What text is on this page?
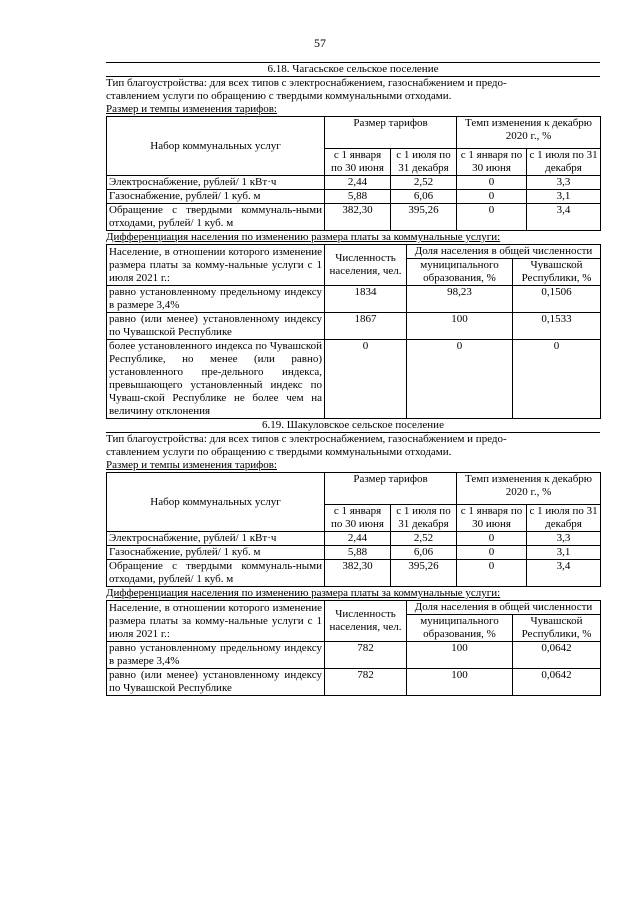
57
6.18. Чагасьское сельское поселение
Тип благоустройства: для всех типов с электроснабжением, газоснабжением и предо-
ставлением услуги по обращению с твердыми коммунальными отходами.
Размер и темпы изменения тарифов:
Набор коммунальных услуг	Размер тарифов		Темп изменения к декабрю 2020 г., %	
	с 1 января по 30 июня	с 1 июля по 31 декабря	с 1 января по 30 июня	с 1 июля по 31 декабря
Электроснабжение, рублей/ 1 кВт·ч	2,44	2,52	0	3,3
Газоснабжение, рублей/ 1 куб. м	5,88	6,06	0	3,1
Обращение с твердыми коммуналь-ными отходами, рублей/ 1 куб. м	382,30	395,26	0	3,4
Дифференциация населения по изменению размера платы за коммунальные услуги:
Население, в отношении которого изменение размера платы за комму-нальные услуги с 1 июля 2021 г.:	Численность населения, чел.	Доля населения в общей численности	
		муниципального образования, %	Чувашской Республики, %
равно установленному предельному индексу в размере 3,4%	1834	98,23	0,1506
равно (или менее) установленному индексу по Чувашской Республике	1867	100	0,1533
более установленного индекса по Чувашской Республике, но менее (или равно) установленного пре-дельного индекса, превышающего установленный индекс по Чуваш-ской Республике не более чем на величину отклонения	0	0	0
6.19. Шакуловское сельское поселение
Тип благоустройства: для всех типов с электроснабжением, газоснабжением и предо-
ставлением услуги по обращению с твердыми коммунальными отходами.
Размер и темпы изменения тарифов:
Набор коммунальных услуг	Размер тарифов		Темп изменения к декабрю 2020 г., %	
	с 1 января по 30 июня	с 1 июля по 31 декабря	с 1 января по 30 июня	с 1 июля по 31 декабря
Электроснабжение, рублей/ 1 кВт·ч	2,44	2,52	0	3,3
Газоснабжение, рублей/ 1 куб. м	5,88	6,06	0	3,1
Обращение с твердыми коммуналь-ными отходами, рублей/ 1 куб. м	382,30	395,26	0	3,4
Дифференциация населения по изменению размера платы за коммунальные услуги:
Население, в отношении которого изменение размера платы за комму-нальные услуги с 1 июля 2021 г.:	Численность населения, чел.	Доля населения в общей численности	
		муниципального образования, %	Чувашской Республики, %
равно установленному предельному индексу в размере 3,4%	782	100	0,0642
равно (или менее) установленному индексу по Чувашской Республике	782	100	0,0642
